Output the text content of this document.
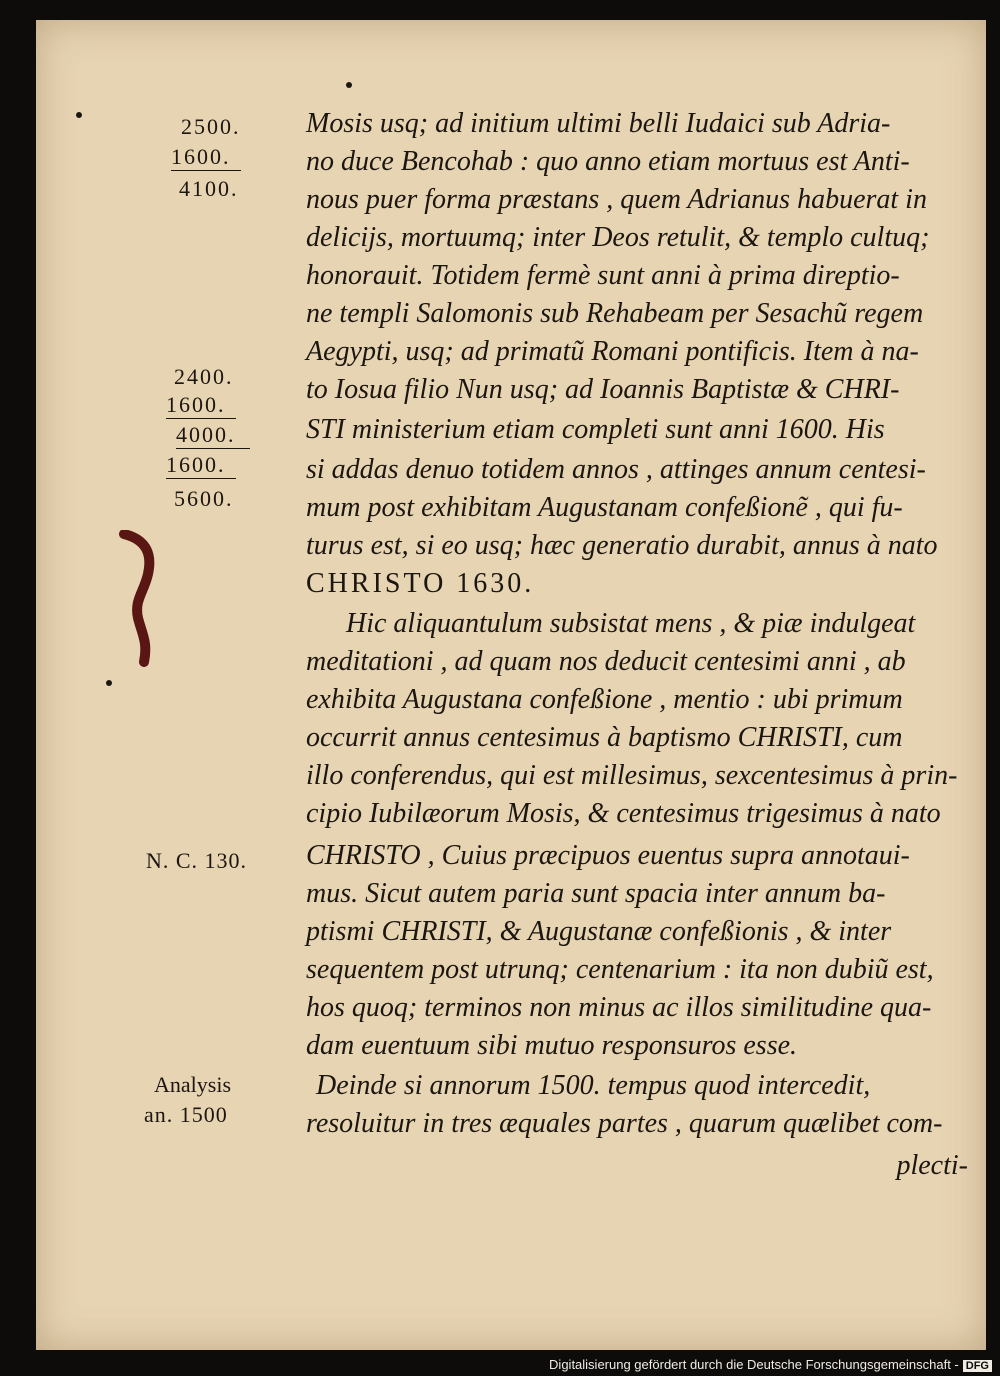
2500.
1600.
4100.
2400.
1600.
4000.
1600.
5600.
N. C. 130.
Analysis
an. 1500
Mosis usq; ad initium ultimi belli Iudaici sub Adria-
no duce Bencohab : quo anno etiam mortuus est Anti-
nous puer forma præstans , quem Adrianus habuerat in
delicijs, mortuumq; inter Deos retulit, & templo cultuq;
honorauit. Totidem fermè sunt anni à prima direptio-
ne templi Salomonis sub Rehabeam per Sesachũ regem
Aegypti, usq; ad primatũ Romani pontificis. Item à na-
to Iosua filio Nun usq; ad Ioannis Baptistæ & CHRI-
STI ministerium etiam completi sunt anni 1600. His
si addas denuo totidem annos , attinges annum centesi-
mum post exhibitam Augustanam confeßionẽ , qui fu-
turus est, si eo usq; hæc generatio durabit, annus à nato
CHRISTO 1630.
Hic aliquantulum subsistat mens , & piæ indulgeat
meditationi , ad quam nos deducit centesimi anni , ab
exhibita Augustana confeßione , mentio : ubi primum
occurrit annus centesimus à baptismo CHRISTI, cum
illo conferendus, qui est millesimus, sexcentesimus à prin-
cipio Iubilæorum Mosis, & centesimus trigesimus à nato
CHRISTO , Cuius præcipuos euentus supra annotaui-
mus. Sicut autem paria sunt spacia inter annum ba-
ptismi CHRISTI, & Augustanæ confeßionis , & inter
sequentem post utrunq; centenarium : ita non dubiũ est,
hos quoq; terminos non minus ac illos similitudine qua-
dam euentuum sibi mutuo responsuros esse.
Deinde si annorum 1500. tempus quod intercedit,
resoluitur in tres æquales partes , quarum quælibet com-
plecti-
Digitalisierung gefördert durch die Deutsche Forschungsgemeinschaft - DFG
